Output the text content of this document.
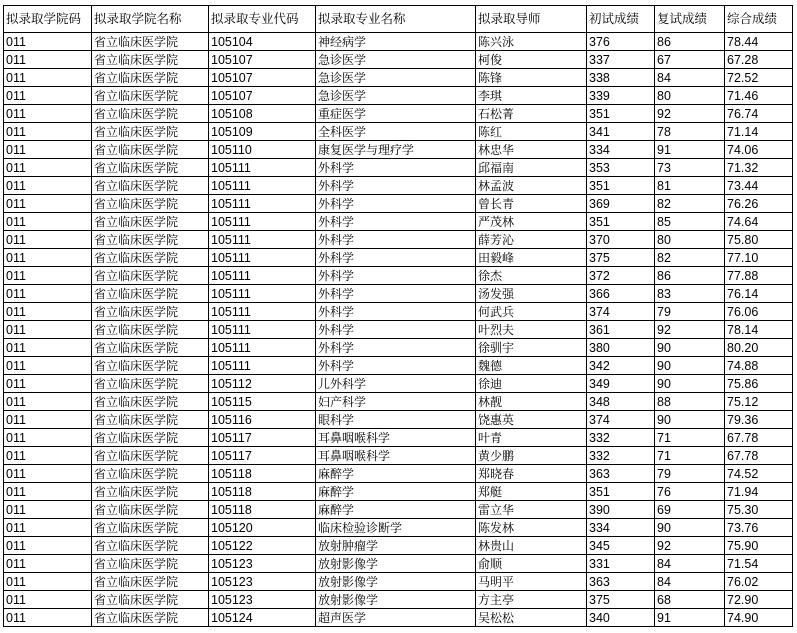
拟录取学院码	拟录取学院名称	拟录取专业代码	拟录取专业名称	拟录取导师	初试成绩	复试成绩	综合成绩
011	省立临床医学院	105104	神经病学	陈兴泳	376	86	78.44
011	省立临床医学院	105107	急诊医学	柯俊	337	67	67.28
011	省立临床医学院	105107	急诊医学	陈锋	338	84	72.52
011	省立临床医学院	105107	急诊医学	李琪	339	80	71.46
011	省立临床医学院	105108	重症医学	石松菁	351	92	76.74
011	省立临床医学院	105109	全科医学	陈红	341	78	71.14
011	省立临床医学院	105110	康复医学与理疗学	林忠华	334	91	74.06
011	省立临床医学院	105111	外科学	邱福南	353	73	71.32
011	省立临床医学院	105111	外科学	林孟波	351	81	73.44
011	省立临床医学院	105111	外科学	曾长青	369	82	76.26
011	省立临床医学院	105111	外科学	严茂林	351	85	74.64
011	省立临床医学院	105111	外科学	薛芳沁	370	80	75.80
011	省立临床医学院	105111	外科学	田毅峰	375	82	77.10
011	省立临床医学院	105111	外科学	徐杰	372	86	77.88
011	省立临床医学院	105111	外科学	汤发强	366	83	76.14
011	省立临床医学院	105111	外科学	何武兵	374	79	76.06
011	省立临床医学院	105111	外科学	叶烈夫	361	92	78.14
011	省立临床医学院	105111	外科学	徐驯宇	380	90	80.20
011	省立临床医学院	105111	外科学	魏德	342	90	74.88
011	省立临床医学院	105112	儿外科学	徐迪	349	90	75.86
011	省立临床医学院	105115	妇产科学	林靓	348	88	75.12
011	省立临床医学院	105116	眼科学	饶惠英	374	90	79.36
011	省立临床医学院	105117	耳鼻咽喉科学	叶青	332	71	67.78
011	省立临床医学院	105117	耳鼻咽喉科学	黄少鹏	332	71	67.78
011	省立临床医学院	105118	麻醉学	郑晓春	363	79	74.52
011	省立临床医学院	105118	麻醉学	郑艇	351	76	71.94
011	省立临床医学院	105118	麻醉学	雷立华	390	69	75.30
011	省立临床医学院	105120	临床检验诊断学	陈发林	334	90	73.76
011	省立临床医学院	105122	放射肿瘤学	林贵山	345	92	75.90
011	省立临床医学院	105123	放射影像学	俞顺	331	84	71.54
011	省立临床医学院	105123	放射影像学	马明平	363	84	76.02
011	省立临床医学院	105123	放射影像学	方主亭	375	68	72.90
011	省立临床医学院	105124	超声医学	吴松松	340	91	74.90
